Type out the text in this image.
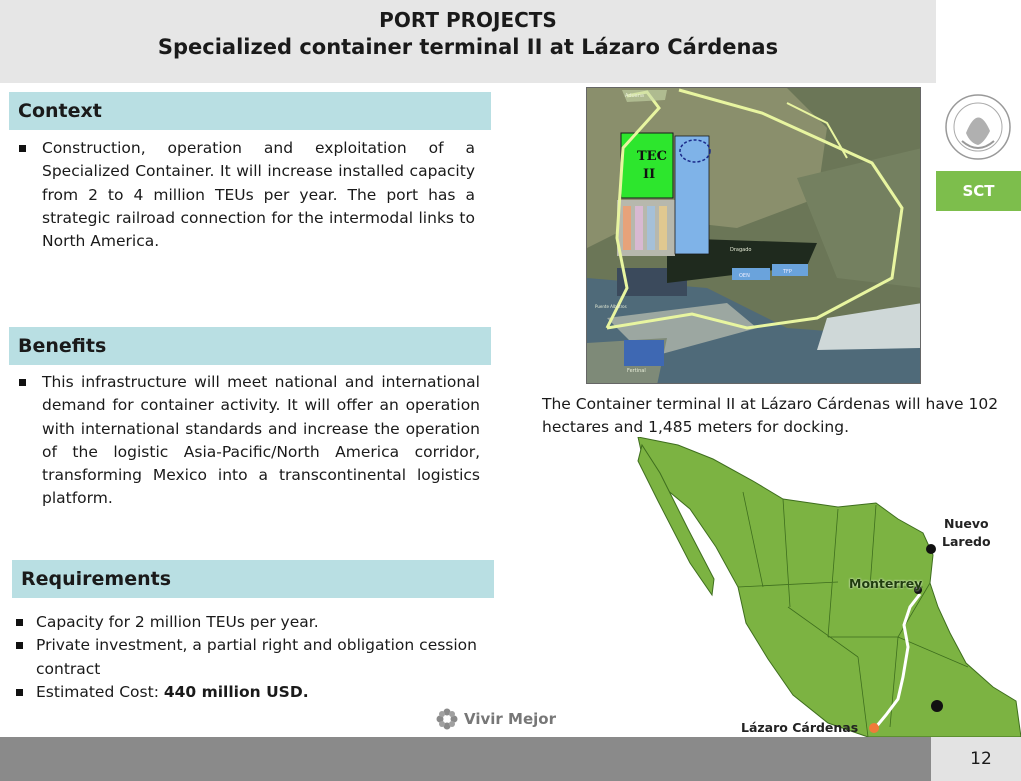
PORT PROJECTS
Specialized container terminal II at Lázaro Cárdenas
Context
Construction, operation and exploitation of a Specialized Container. It will increase installed capacity from 2 to 4 million TEUs per year. The port has a strategic railroad connection for the intermodal links to North America.
Benefits
This infrastructure will meet national and international demand for container activity. It will offer an operation with international standards and increase the operation of the logistic Asia-Pacific/North America corridor, transforming Mexico into a transcontinental logistics platform.
Requirements
Capacity for 2 million TEUs per year.
Private investment, a partial right and obligation cession contract
Estimated Cost: 440 million USD.
TEC
II
Aduana
Dragado
OEN
TFP
Puente Albatros
Fertinal
The Container terminal II at Lázaro Cárdenas will have 102 hectares and 1,485 meters for docking.
Nuevo
Laredo
Monterrey
Lázaro Cárdenas
SCT
12
Vivir Mejor
